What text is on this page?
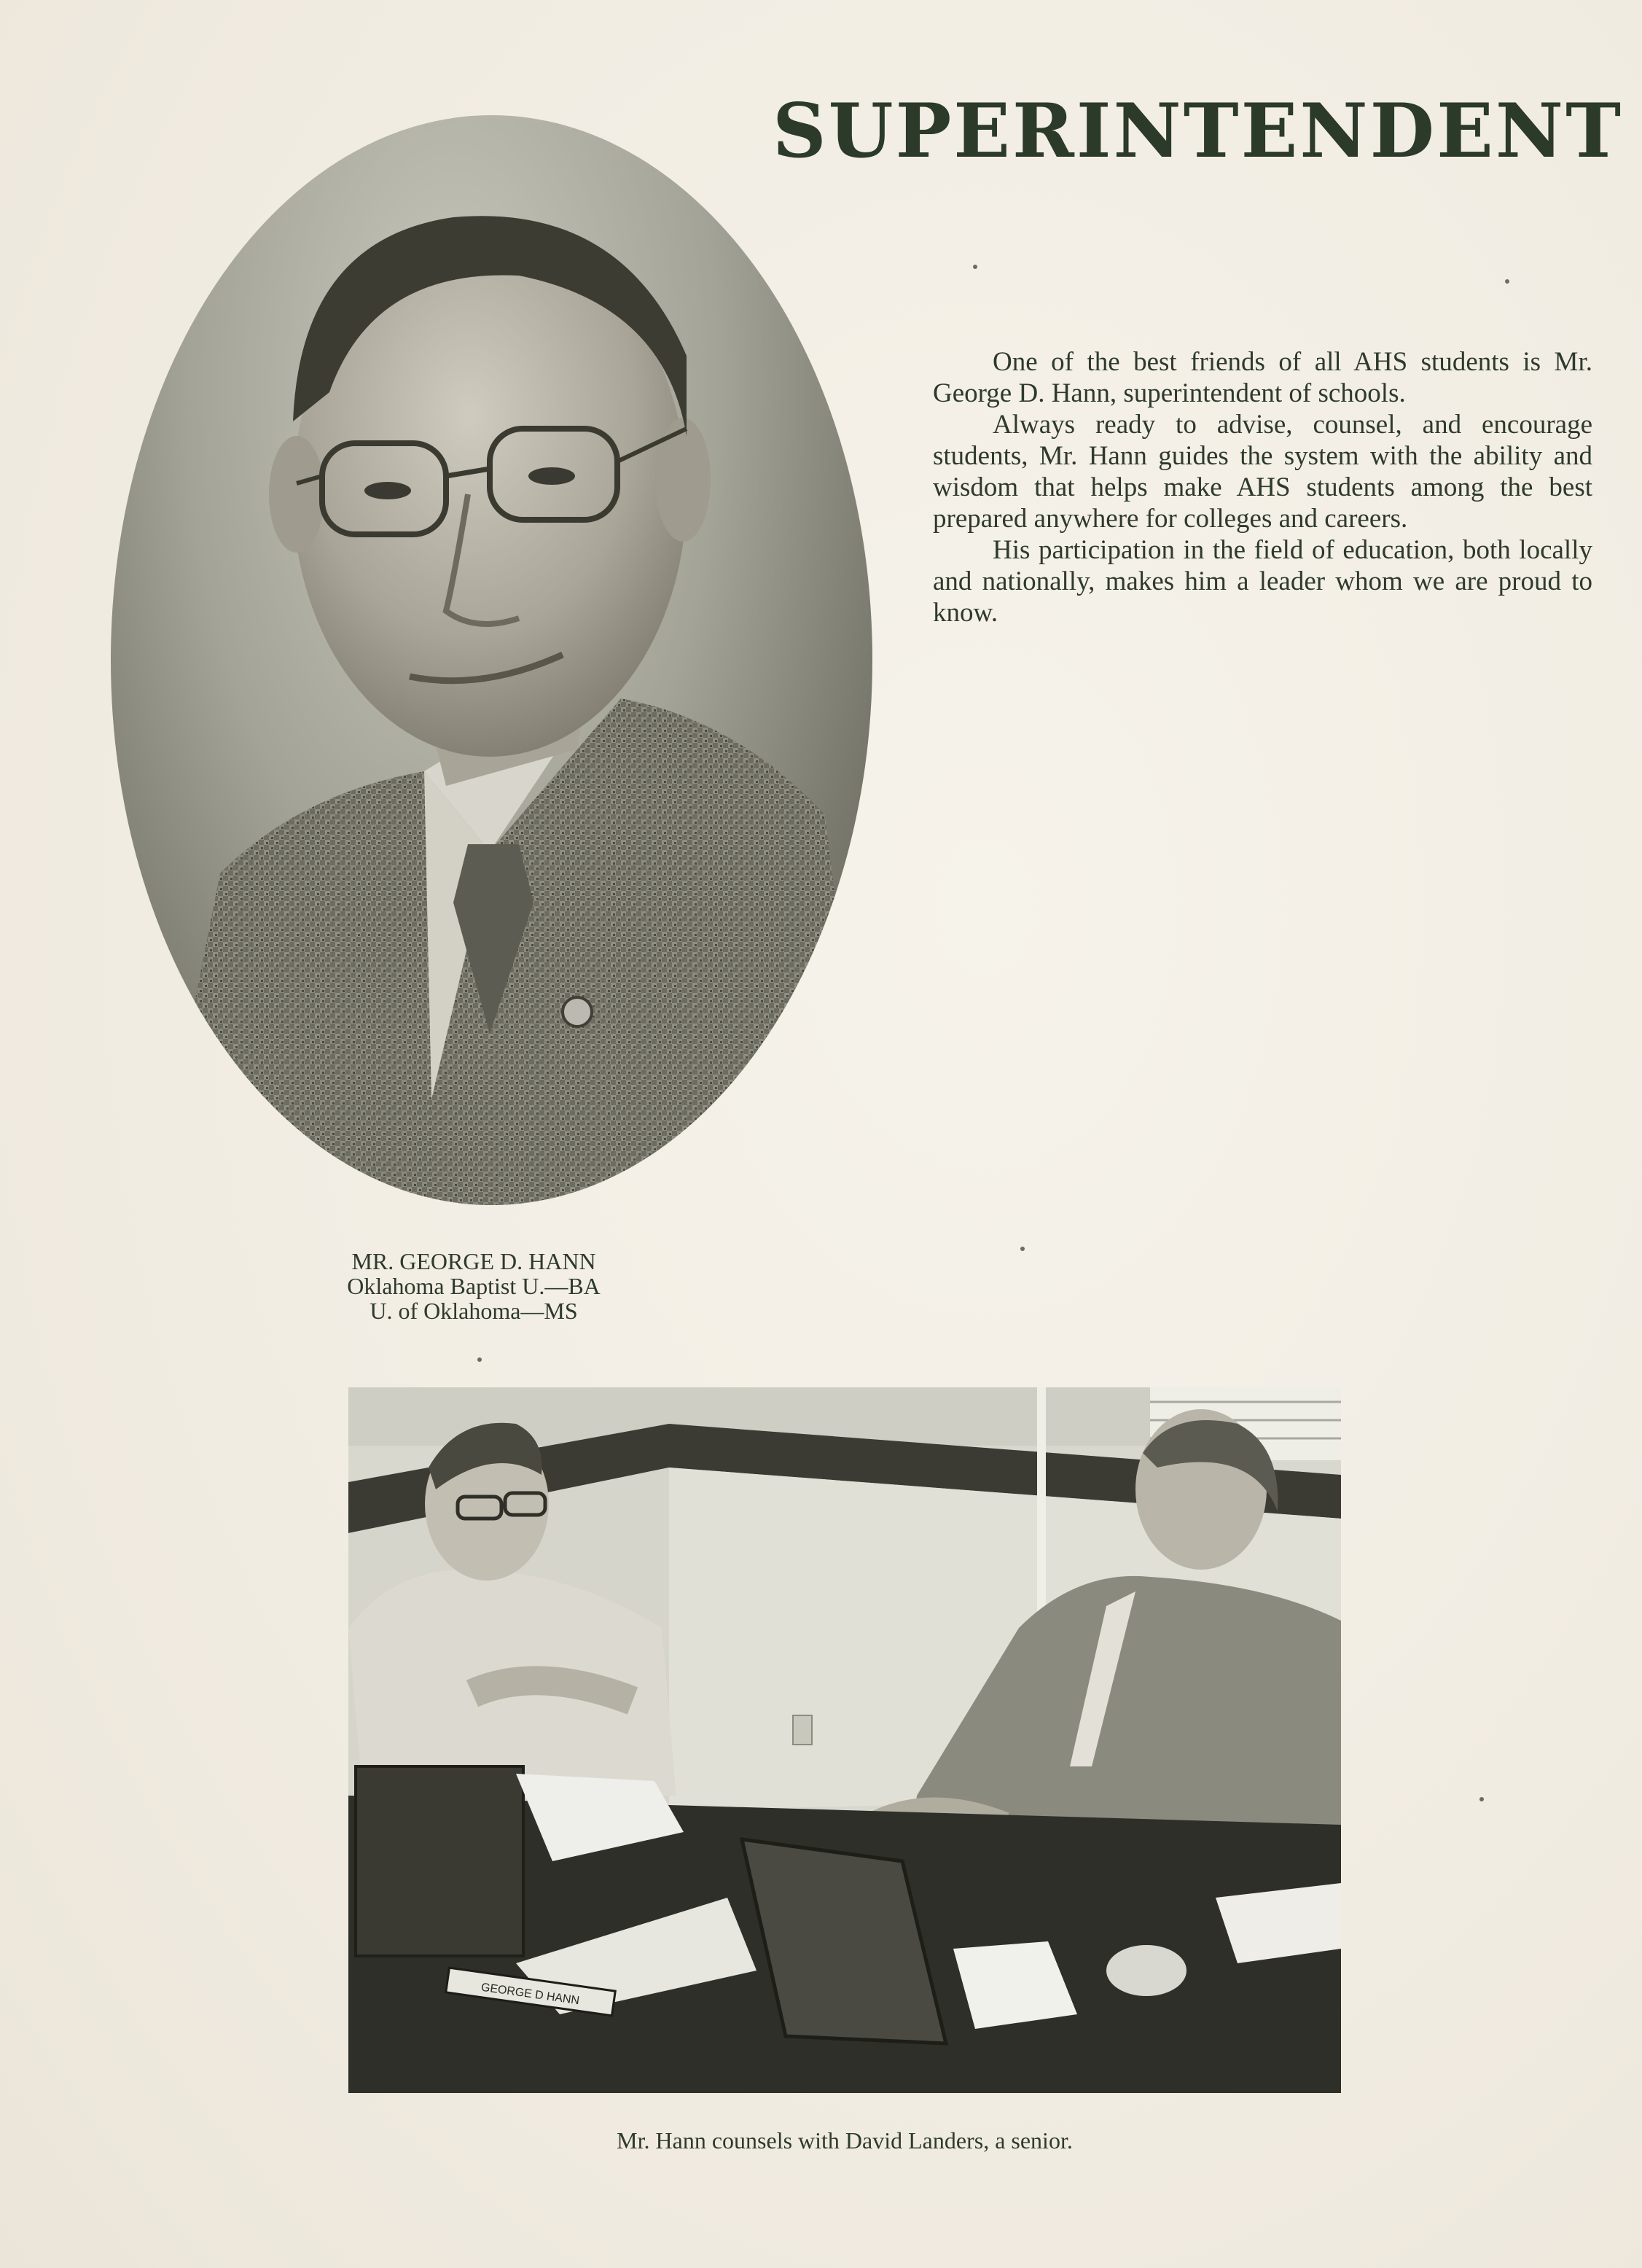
SUPERINTENDENT

One of the best friends of all AHS students is Mr. George D. Hann, superintendent of schools.

Always ready to advise, counsel, and encourage students, Mr. Hann guides the system with the ability and wisdom that helps make AHS students among the best prepared anywhere for colleges and careers.

His participation in the field of education, both locally and nationally, makes him a leader whom we are proud to know.

MR. GEORGE D. HANN
Oklahoma Baptist U.—BA
U. of Oklahoma—MS
GEORGE D HANN
Mr. Hann counsels with David Landers, a senior.
